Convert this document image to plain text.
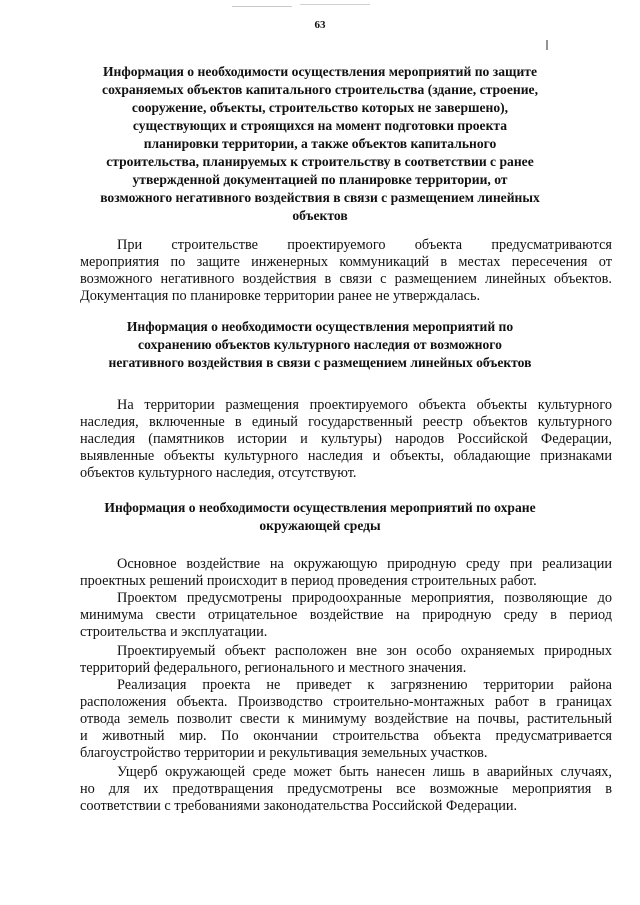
63
Информация о необходимости осуществления мероприятий по защите
сохраняемых объектов капитального строительства (здание, строение,
сооружение, объекты, строительство которых не завершено),
существующих и строящихся на момент подготовки проекта
планировки территории, а также объектов капитального
строительства, планируемых к строительству в соответствии с ранее
утвержденной документацией по планировке территории, от
возможного негативного воздействия в связи с размещением линейных
объектов
При строительстве проектируемого объекта предусматриваются
мероприятия по защите инженерных коммуникаций в местах пересечения от
возможного негативного воздействия в связи с размещением линейных объектов.
Документация по планировке территории ранее не утверждалась.
Информация о необходимости осуществления мероприятий по
сохранению объектов культурного наследия от возможного
негативного воздействия в связи с размещением линейных объектов
На территории размещения проектируемого объекта объекты культурного
наследия, включенные в единый государственный реестр объектов культурного
наследия (памятников истории и культуры) народов Российской Федерации,
выявленные объекты культурного наследия и объекты, обладающие признаками
объектов культурного наследия, отсутствуют.
Информация о необходимости осуществления мероприятий по охране
окружающей среды
Основное воздействие на окружающую природную среду при реализации
проектных решений происходит в период проведения строительных работ.
Проектом предусмотрены природоохранные мероприятия, позволяющие до
минимума свести отрицательное воздействие на природную среду в период
строительства и эксплуатации.
Проектируемый объект расположен вне зон особо охраняемых природных
территорий федерального, регионального и местного значения.
Реализация проекта не приведет к загрязнению территории района
расположения объекта. Производство строительно-монтажных работ в границах
отвода земель позволит свести к минимуму воздействие на почвы, растительный
и животный мир. По окончании строительства объекта предусматривается
благоустройство территории и рекультивация земельных участков.
Ущерб окружающей среде может быть нанесен лишь в аварийных случаях,
но для их предотвращения предусмотрены все возможные мероприятия в
соответствии с требованиями законодательства Российской Федерации.
